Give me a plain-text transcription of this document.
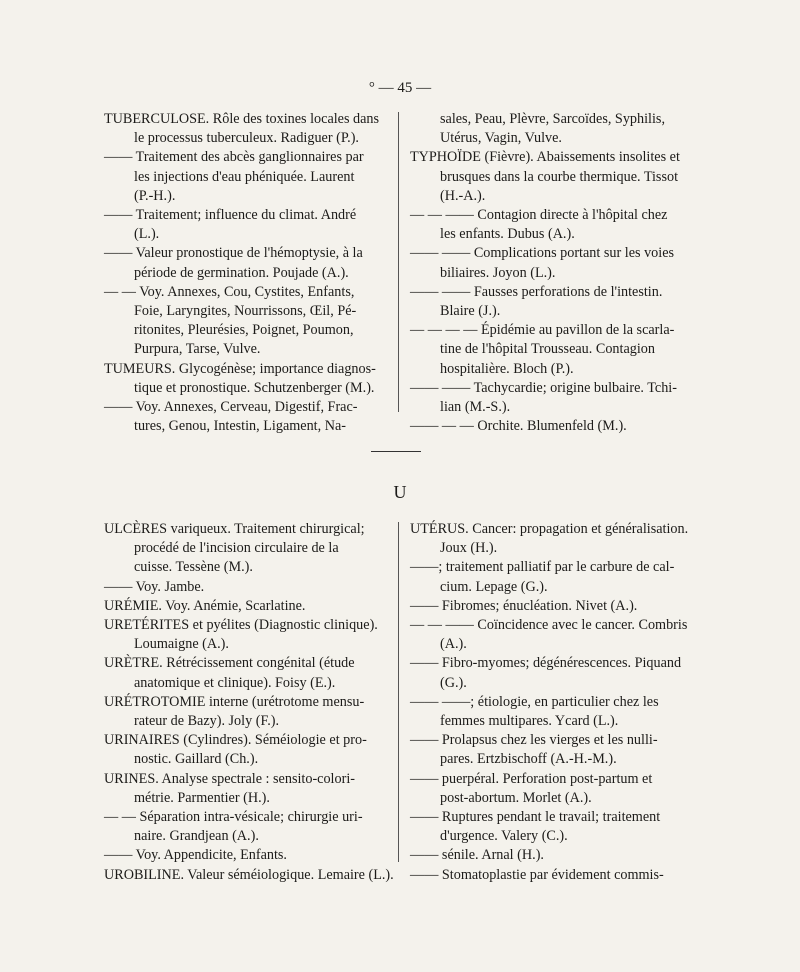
° — 45 —

TUBERCULOSE. Rôle des toxines locales dans

le processus tuberculeux. Radiguer (P.).

—— Traitement des abcès ganglionnaires par

les injections d'eau phéniquée. Laurent

(P.-H.).

—— Traitement; influence du climat. André

(L.).

—— Valeur pronostique de l'hémoptysie, à la

période de germination. Poujade (A.).

— — Voy. Annexes, Cou, Cystites, Enfants,

Foie, Laryngites, Nourrissons, Œil, Pé-

ritonites, Pleurésies, Poignet, Poumon,

Purpura, Tarse, Vulve.

TUMEURS. Glycogénèse; importance diagnos-

tique et pronostique. Schutzenberger (M.).

—— Voy. Annexes, Cerveau, Digestif, Frac-

tures, Genou, Intestin, Ligament, Na-

sales, Peau, Plèvre, Sarcoïdes, Syphilis,

Utérus, Vagin, Vulve.

TYPHOÏDE (Fièvre). Abaissements insolites et

brusques dans la courbe thermique. Tissot

(H.-A.).

— — —— Contagion directe à l'hôpital chez

les enfants. Dubus (A.).

—— —— Complications portant sur les voies

biliaires. Joyon (L.).

—— —— Fausses perforations de l'intestin.

Blaire (J.).

— — — — Épidémie au pavillon de la scarla-

tine de l'hôpital Trousseau. Contagion

hospitalière. Bloch (P.).

—— —— Tachycardie; origine bulbaire. Tchi-

lian (M.-S.).

—— — — Orchite. Blumenfeld (M.).

U

ULCÈRES variqueux. Traitement chirurgical;

procédé de l'incision circulaire de la

cuisse. Tessène (M.).

—— Voy. Jambe.

URÉMIE. Voy. Anémie, Scarlatine.

URETÉRITES et pyélites (Diagnostic clinique).

Loumaigne (A.).

URÈTRE. Rétrécissement congénital (étude

anatomique et clinique). Foisy (E.).

URÉTROTOMIE interne (urétrotome mensu-

rateur de Bazy). Joly (F.).

URINAIRES (Cylindres). Séméiologie et pro-

nostic. Gaillard (Ch.).

URINES. Analyse spectrale : sensito-colori-

métrie. Parmentier (H.).

— — Séparation intra-vésicale; chirurgie uri-

naire. Grandjean (A.).

—— Voy. Appendicite, Enfants.

UROBILINE. Valeur séméiologique. Lemaire (L.).

UTÉRUS. Cancer: propagation et généralisation.

Joux (H.).

——; traitement palliatif par le carbure de cal-

cium. Lepage (G.).

—— Fibromes; énucléation. Nivet (A.).

— — —— Coïncidence avec le cancer. Combris

(A.).

—— Fibro-myomes; dégénérescences. Piquand

(G.).

—— ——; étiologie, en particulier chez les

femmes multipares. Ycard (L.).

—— Prolapsus chez les vierges et les nulli-

pares. Ertzbischoff (A.-H.-M.).

—— puerpéral. Perforation post-partum et

post-abortum. Morlet (A.).

—— Ruptures pendant le travail; traitement

d'urgence. Valery (C.).

—— sénile. Arnal (H.).

—— Stomatoplastie par évidement commis-
